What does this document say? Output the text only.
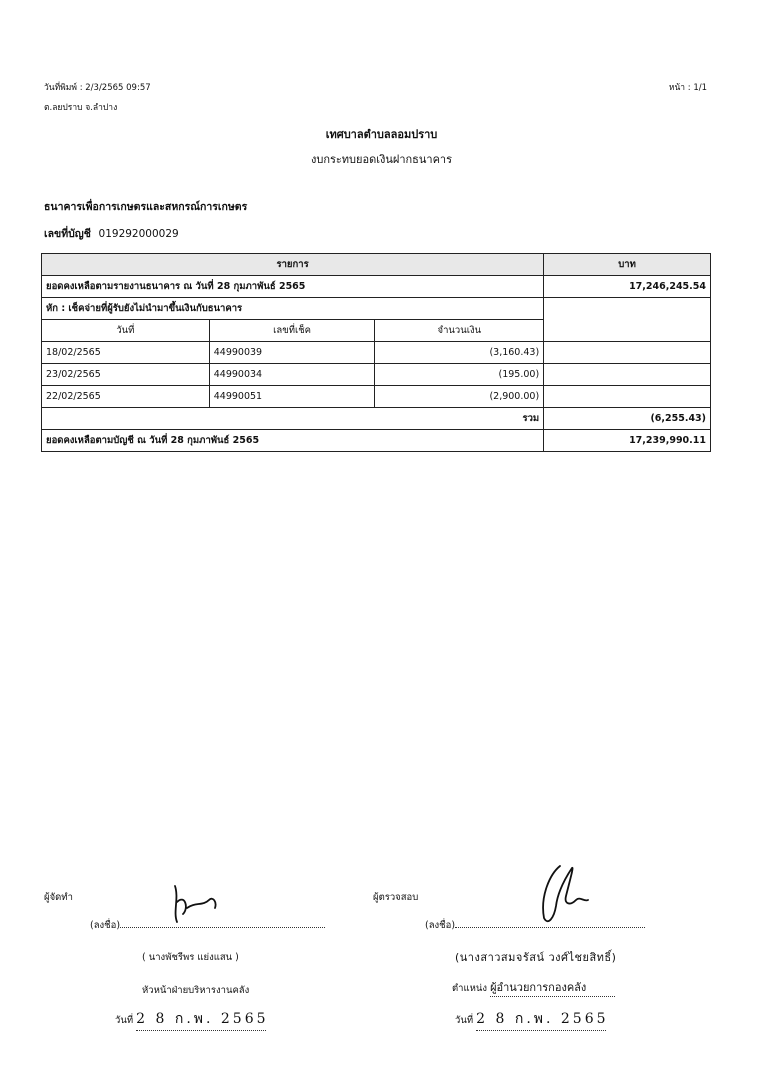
วันที่พิมพ์ : 2/3/2565 09:57
ต.ลยปราบ จ.ลำปาง
หน้า : 1/1
เทศบาลตำบลลอมปราบ
งบกระทบยอดเงินฝากธนาคาร
ธนาคารเพื่อการเกษตรและสหกรณ์การเกษตร
เลขที่บัญชี 019292000029
รายการ			บาท
ยอดคงเหลือตามรายงานธนาคาร ณ วันที่ 28 กุมภาพันธ์ 2565			17,246,245.54
หัก : เช็คจ่ายที่ผู้รับยังไม่นำมาขึ้นเงินกับธนาคาร			
วันที่	เลขที่เช็ค	จำนวนเงิน	
18/02/2565	44990039	(3,160.43)	
23/02/2565	44990034	(195.00)	
22/02/2565	44990051	(2,900.00)	
รวม			(6,255.43)
ยอดคงเหลือตามบัญชี ณ วันที่ 28 กุมภาพันธ์ 2565			17,239,990.11
ผู้จัดทำ
(ลงชื่อ)
( นางพัชรีพร แย่งแสน )
หัวหน้าฝ่ายบริหารงานคลัง
วันที่ 2 8 ก.พ. 2565
ผู้ตรวจสอบ
(ลงชื่อ)
(นางสาวสมจรัสน์ วงศ์ไชยสิทธิ์)
ตำแหน่ง ผู้อำนวยการกองคลัง
วันที่ 2 8 ก.พ. 2565
